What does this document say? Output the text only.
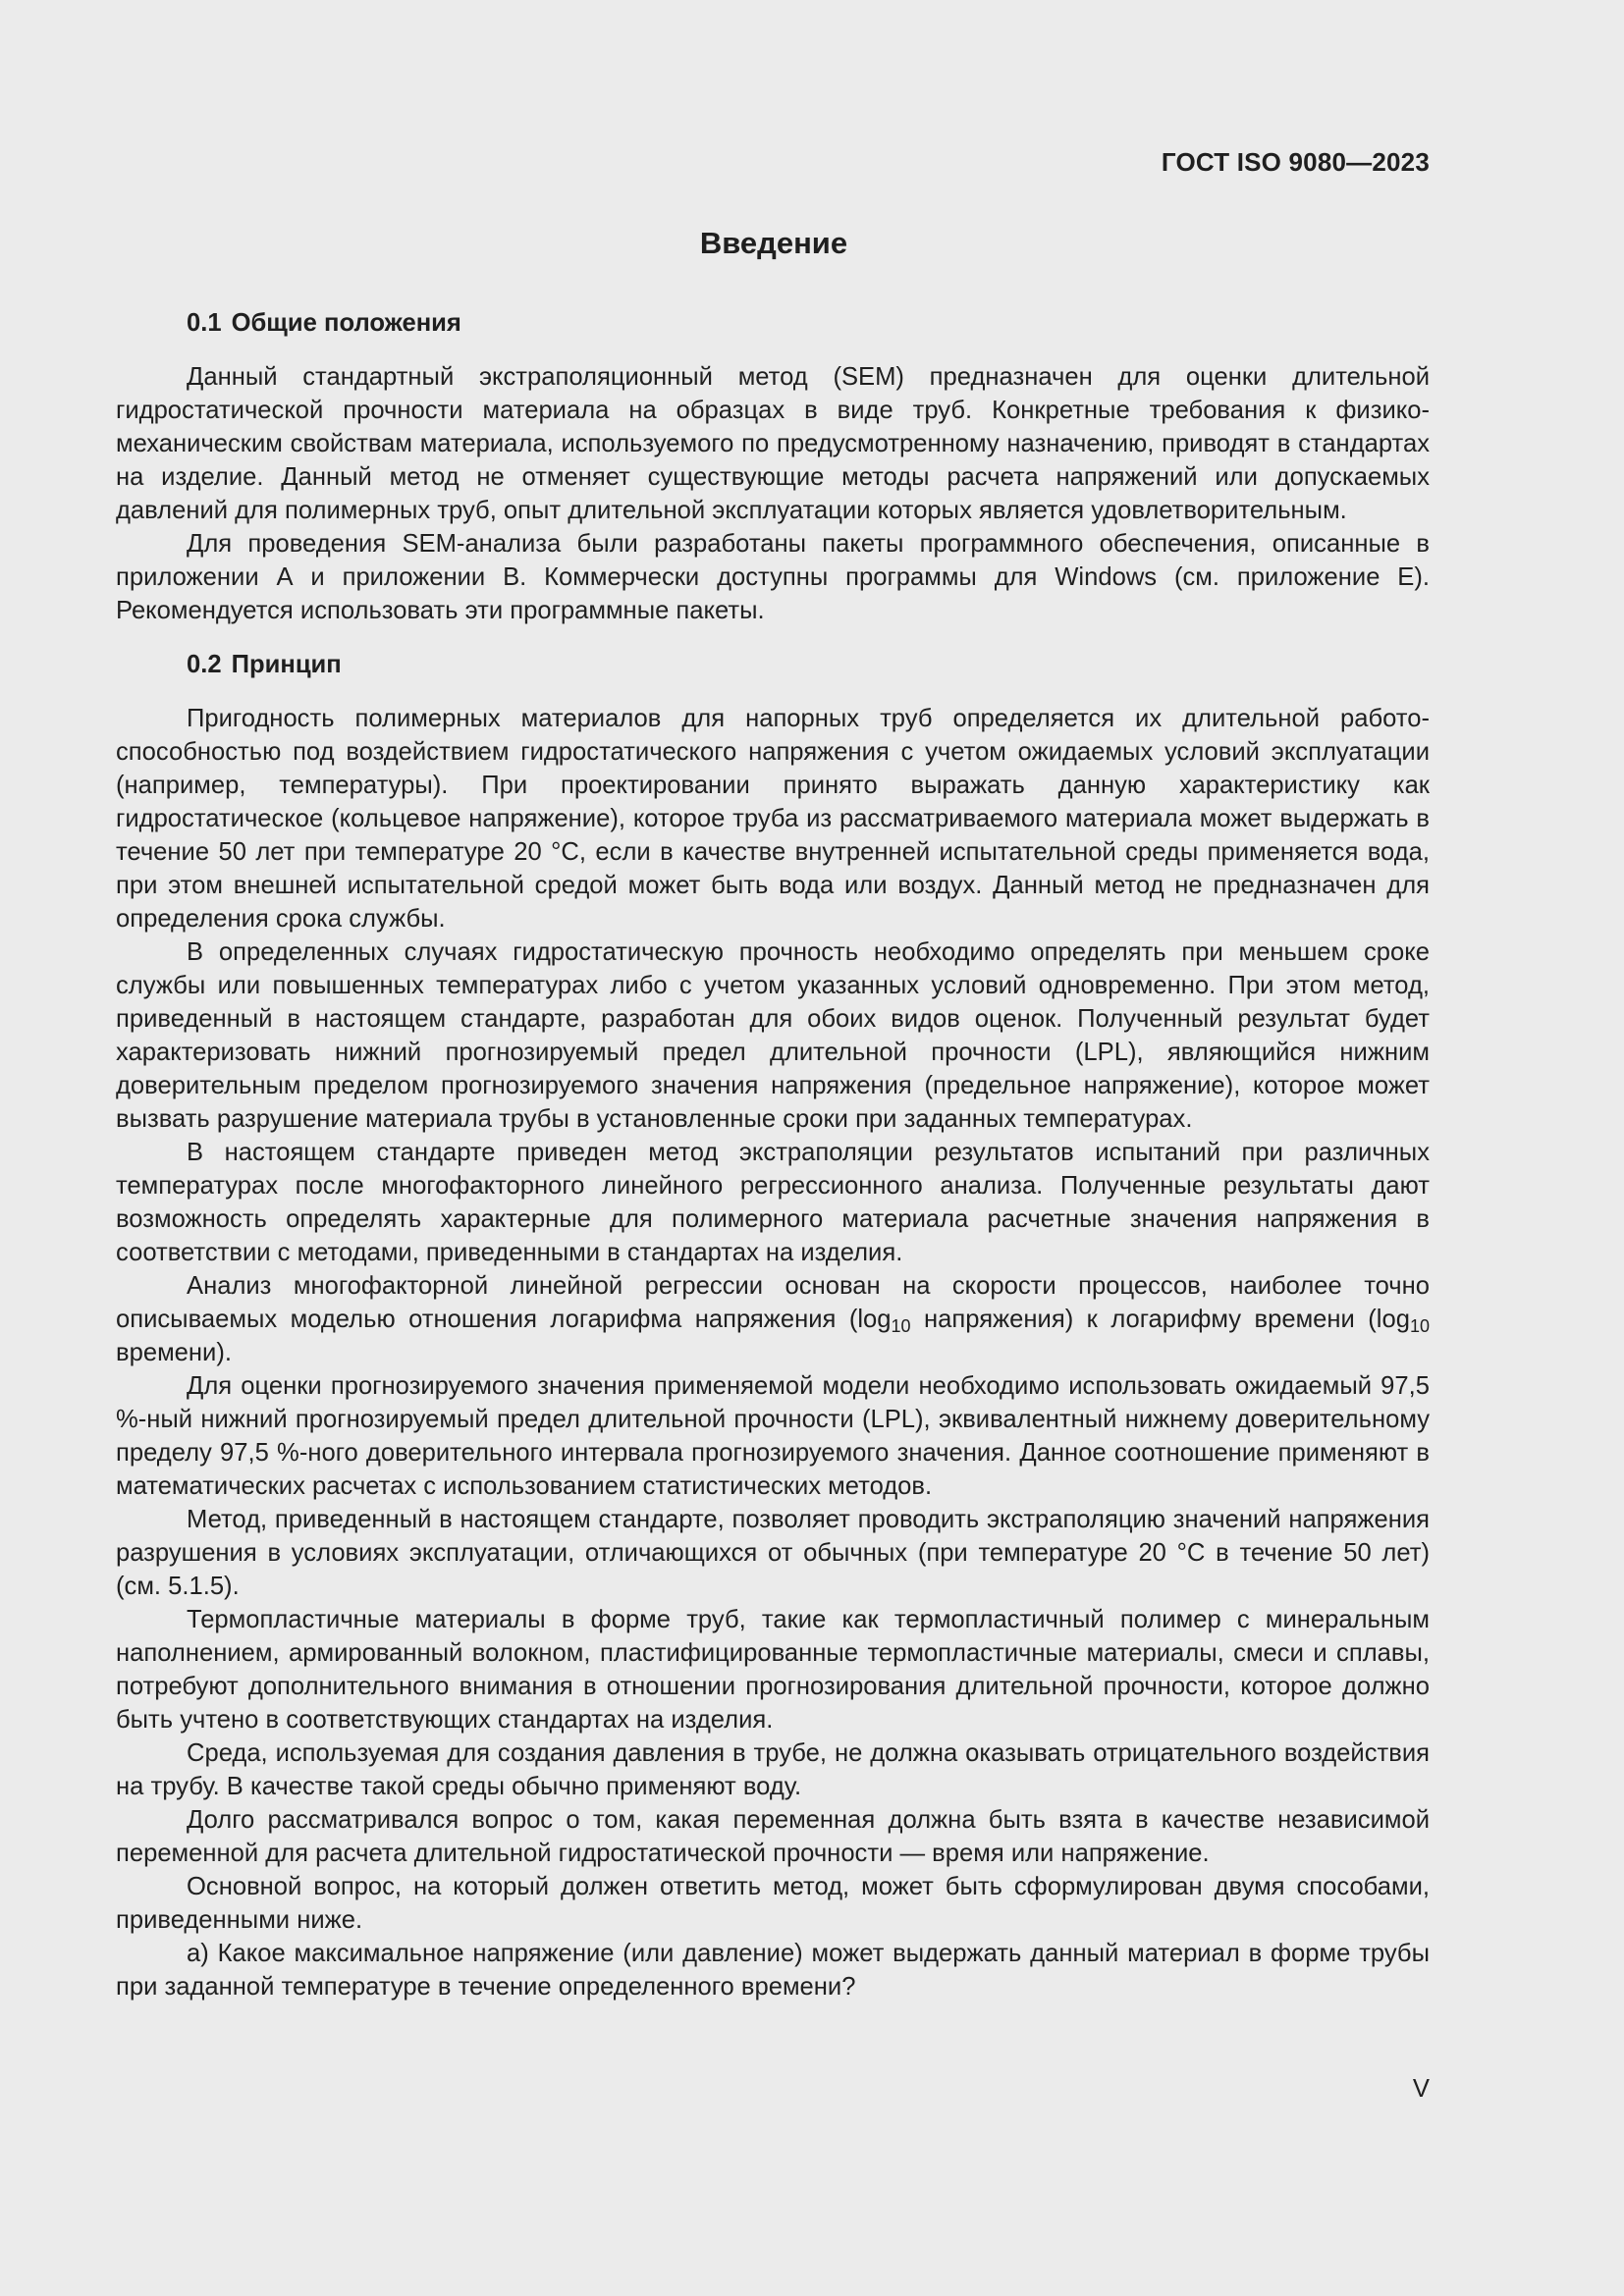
ГОСТ ISO 9080—2023
Введение
0.1 Общие положения

Данный стандартный экстраполяционный метод (SEM) предназначен для оценки длительной гидростатической прочности материала на образцах в виде труб. Конкретные требования к физико-механическим свойствам материала, используемого по предусмотренному назначению, приводят в стандартах на изделие. Данный метод не отменяет существующие методы расчета напряжений или допускаемых давлений для полимерных труб, опыт длительной эксплуатации которых является удовлетворительным.

Для проведения SEM-анализа были разработаны пакеты программного обеспечения, описанные в приложении А и приложении В. Коммерчески доступны программы для Windows (см. приложение Е). Рекомендуется использовать эти программные пакеты.

0.2 Принцип

Пригодность полимерных материалов для напорных труб определяется их длительной работоспособностью под воздействием гидростатического напряжения с учетом ожидаемых условий эксплуатации (например, температуры). При проектировании принято выражать данную характеристику как гидростатическое (кольцевое напряжение), которое труба из рассматриваемого материала может выдержать в течение 50 лет при температуре 20 °C, если в качестве внутренней испытательной среды применяется вода, при этом внешней испытательной средой может быть вода или воздух. Данный метод не предназначен для определения срока службы.

В определенных случаях гидростатическую прочность необходимо определять при меньшем сроке службы или повышенных температурах либо с учетом указанных условий одновременно. При этом метод, приведенный в настоящем стандарте, разработан для обоих видов оценок. Полученный результат будет характеризовать нижний прогнозируемый предел длительной прочности (LPL), являющийся нижним доверительным пределом прогнозируемого значения напряжения (предельное напряжение), которое может вызвать разрушение материала трубы в установленные сроки при заданных температурах.

В настоящем стандарте приведен метод экстраполяции результатов испытаний при различных температурах после многофакторного линейного регрессионного анализа. Полученные результаты дают возможность определять характерные для полимерного материала расчетные значения напряжения в соответствии с методами, приведенными в стандартах на изделия.

Анализ многофакторной линейной регрессии основан на скорости процессов, наиболее точно описываемых моделью отношения логарифма напряжения ($\log_{10}$ напряжения) к логарифму времени ($\log_{10}$ времени).

Для оценки прогнозируемого значения применяемой модели необходимо использовать ожидаемый 97,5 %-ный нижний прогнозируемый предел длительной прочности (LPL), эквивалентный нижнему доверительному пределу 97,5 %-ного доверительного интервала прогнозируемого значения. Данное соотношение применяют в математических расчетах с использованием статистических методов.

Метод, приведенный в настоящем стандарте, позволяет проводить экстраполяцию значений напряжения разрушения в условиях эксплуатации, отличающихся от обычных (при температуре 20 °C в течение 50 лет) (см. 5.1.5).

Термопластичные материалы в форме труб, такие как термопластичный полимер с минеральным наполнением, армированный волокном, пластифицированные термопластичные материалы, смеси и сплавы, потребуют дополнительного внимания в отношении прогнозирования длительной прочности, которое должно быть учтено в соответствующих стандартах на изделия.

Среда, используемая для создания давления в трубе, не должна оказывать отрицательного воздействия на трубу. В качестве такой среды обычно применяют воду.

Долго рассматривался вопрос о том, какая переменная должна быть взята в качестве независимой переменной для расчета длительной гидростатической прочности — время или напряжение.

Основной вопрос, на который должен ответить метод, может быть сформулирован двумя способами, приведенными ниже.

а) Какое максимальное напряжение (или давление) может выдержать данный материал в форме трубы при заданной температуре в течение определенного времени?

V
